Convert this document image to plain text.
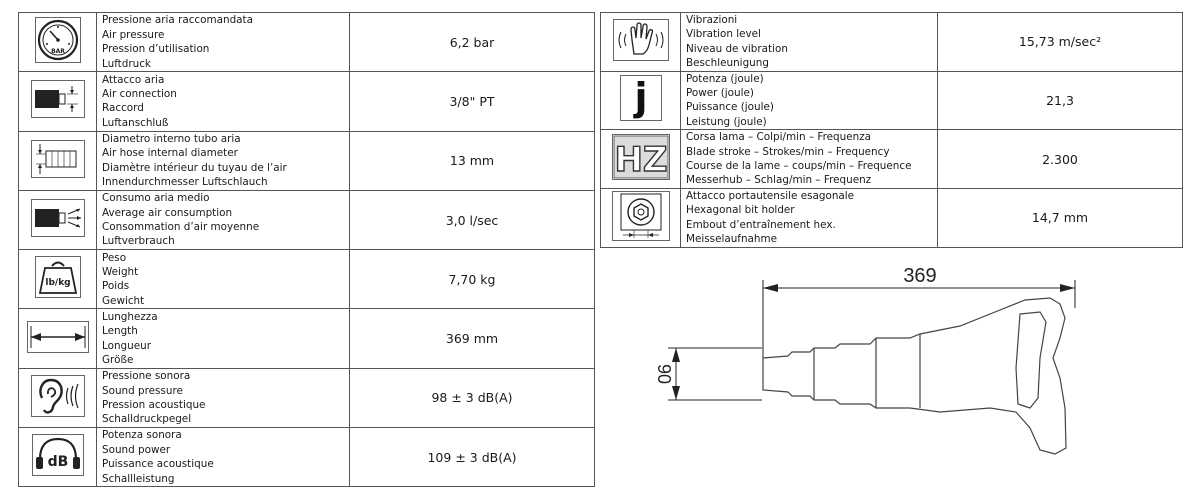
BAR	Pressione aria raccomandata
Air pressure
Pression d’utilisation
Luftdruck	6,2 bar

Attacco aria
Air connection
Raccord
Luftanschluß	3/8" PT

Diametro interno tubo aria
Air hose internal diameter
Diamètre intérieur du tuyau de l’air
Innendurchmesser Luftschlauch	13 mm

Consumo aria medio
Average air consumption
Consommation d’air moyenne
Luftverbrauch	3,0 l/sec

lb/kg	Peso
Weight
Poids
Gewicht	7,70 kg

Lunghezza
Length
Longueur
Größe	369 mm

Pressione sonora
Sound pressure
Pression acoustique
Schalldruckpegel	98 ± 3 dB(A)

dB	Potenza sonora
Sound power
Puissance acoustique
Schallleistung	109 ± 3 dB(A)

Vibrazioni
Vibration level
Niveau de vibration
Beschleunigung	15,73 m/sec²

j	Potenza (joule)
Power (joule)
Puissance (joule)
Leistung (joule)	21,3

HZ	Corsa lama – Colpi/min – Frequenza
Blade stroke – Strokes/min – Frequency
Course de la lame – coups/min – Frequence
Messerhub – Schlag/min – Frequenz	2.300

Attacco portautensile esagonale
Hexagonal bit holder
Embout d’entraînement hex.
Meisselaufnahme	14,7 mm
369
90
